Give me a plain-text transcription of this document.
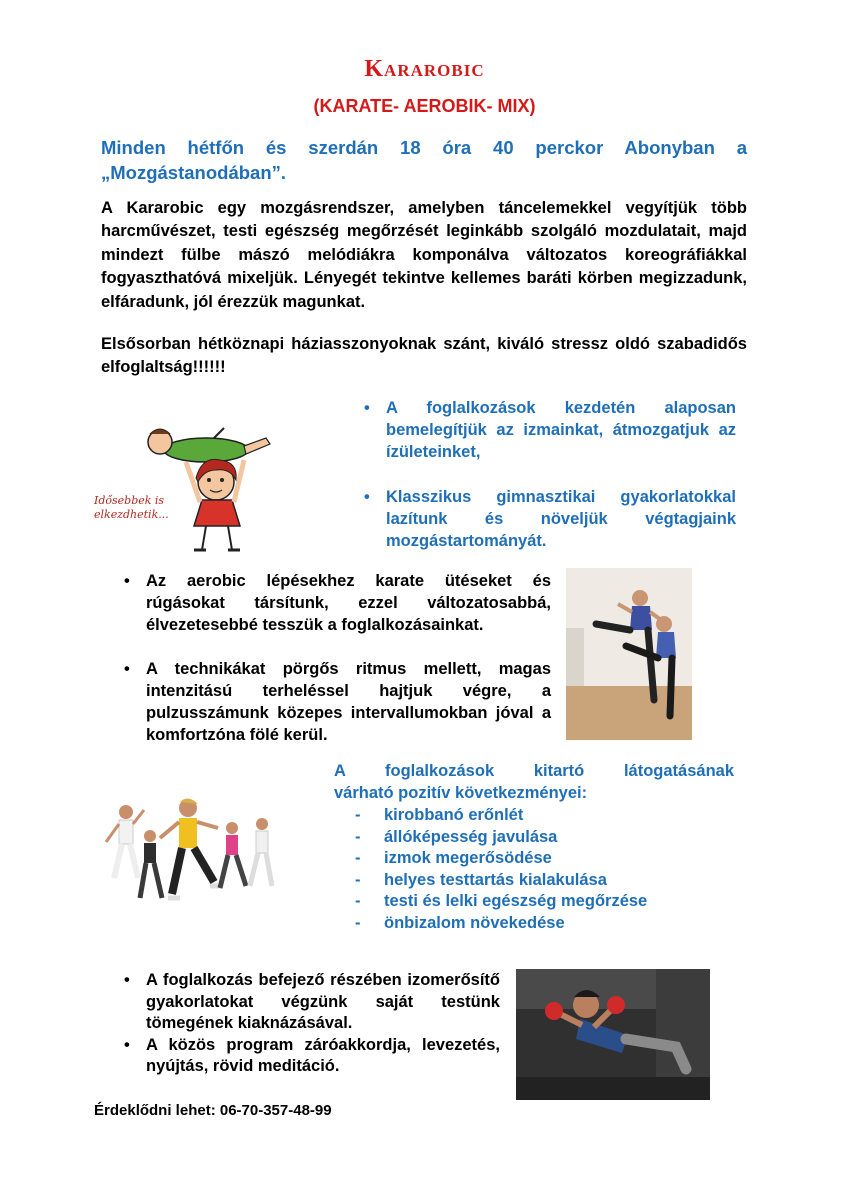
Kararobic
(KARATE- AEROBIK- MIX)
Minden hétfőn és szerdán 18 óra 40 perckor Abonyban a „Mozgástanodában”.
A Kararobic egy mozgásrendszer, amelyben táncelemekkel vegyítjük több harcművészet, testi egészség megőrzését leginkább szolgáló mozdulatait, majd mindezt fülbe mászó melódiákra komponálva változatos koreográfiákkal fogyaszthatóvá mixeljük. Lényegét tekintve kellemes baráti körben megizzadunk, elfáradunk, jól érezzük magunkat.
Elsősorban hétköznapi háziasszonyoknak szánt, kiváló stressz oldó szabadidős elfoglaltság!!!!!!
Idősebbek is elkezdhetik...
• A foglalkozások kezdetén alaposan bemelegítjük az izmainkat, átmozgatjuk az ízületeinket,
• Klasszikus gimnasztikai gyakorlatokkal lazítunk és növeljük végtagjaink mozgástartományát.
• Az aerobic lépésekhez karate ütéseket és rúgásokat társítunk, ezzel változatosabbá, élvezetesebbé tesszük a foglalkozásainkat.
• A technikákat pörgős ritmus mellett, magas intenzitású terheléssel hajtjuk végre, a pulzusszámunk közepes intervallumokban jóval a komfortzóna fölé kerül.
A foglalkozások kitartó látogatásának
várható pozitív következményei:
- kirobbanó erőnlét
- állóképesség javulása
- izmok megerősödése
- helyes testtartás kialakulása
- testi és lelki egészség megőrzése
- önbizalom növekedése
• A foglalkozás befejező részében izomerősítő gyakorlatokat végzünk saját testünk tömegének kiaknázásával.
• A közös program záróakkordja, levezetés, nyújtás, rövid meditáció.
Érdeklődni lehet: 06-70-357-48-99
